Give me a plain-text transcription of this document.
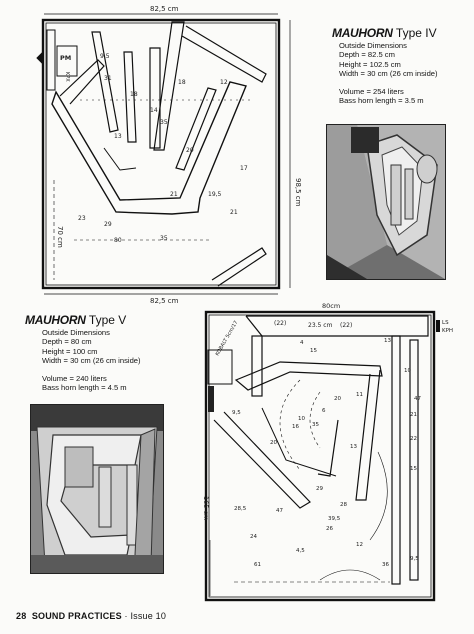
82,5 cm
82,5 cm
98,5 cm
70 cm
PM
KPX
9,5
18	12
31
18
14
13
35
20
80	35
21	19,5
17
23
29
21
MAUHORN Type IV
Outside Dimensions
Depth = 82.5 cm
Height = 102.5 cm
Width = 30 cm (26 cm inside)
Volume = 254 liters
Bass horn length = 3.5 m
80cm
(22)	23.5 cm (22)
165 cm
KOBALT 5cm/17	LS
KPH
15
4
20
11
13
10
47
9,5
20
16
10
35
6
13
21
22
29
39,5
28,5	47
4,5
24
12
15
26
28
9,5
61	36
MAUHORN Type V
Outside Dimensions
Depth = 80 cm
Height = 100 cm
Width = 30 cm (26 cm inside)
Volume = 240 liters
Bass horn length = 4.5 m
28 SOUND PRACTICES · Issue 10
